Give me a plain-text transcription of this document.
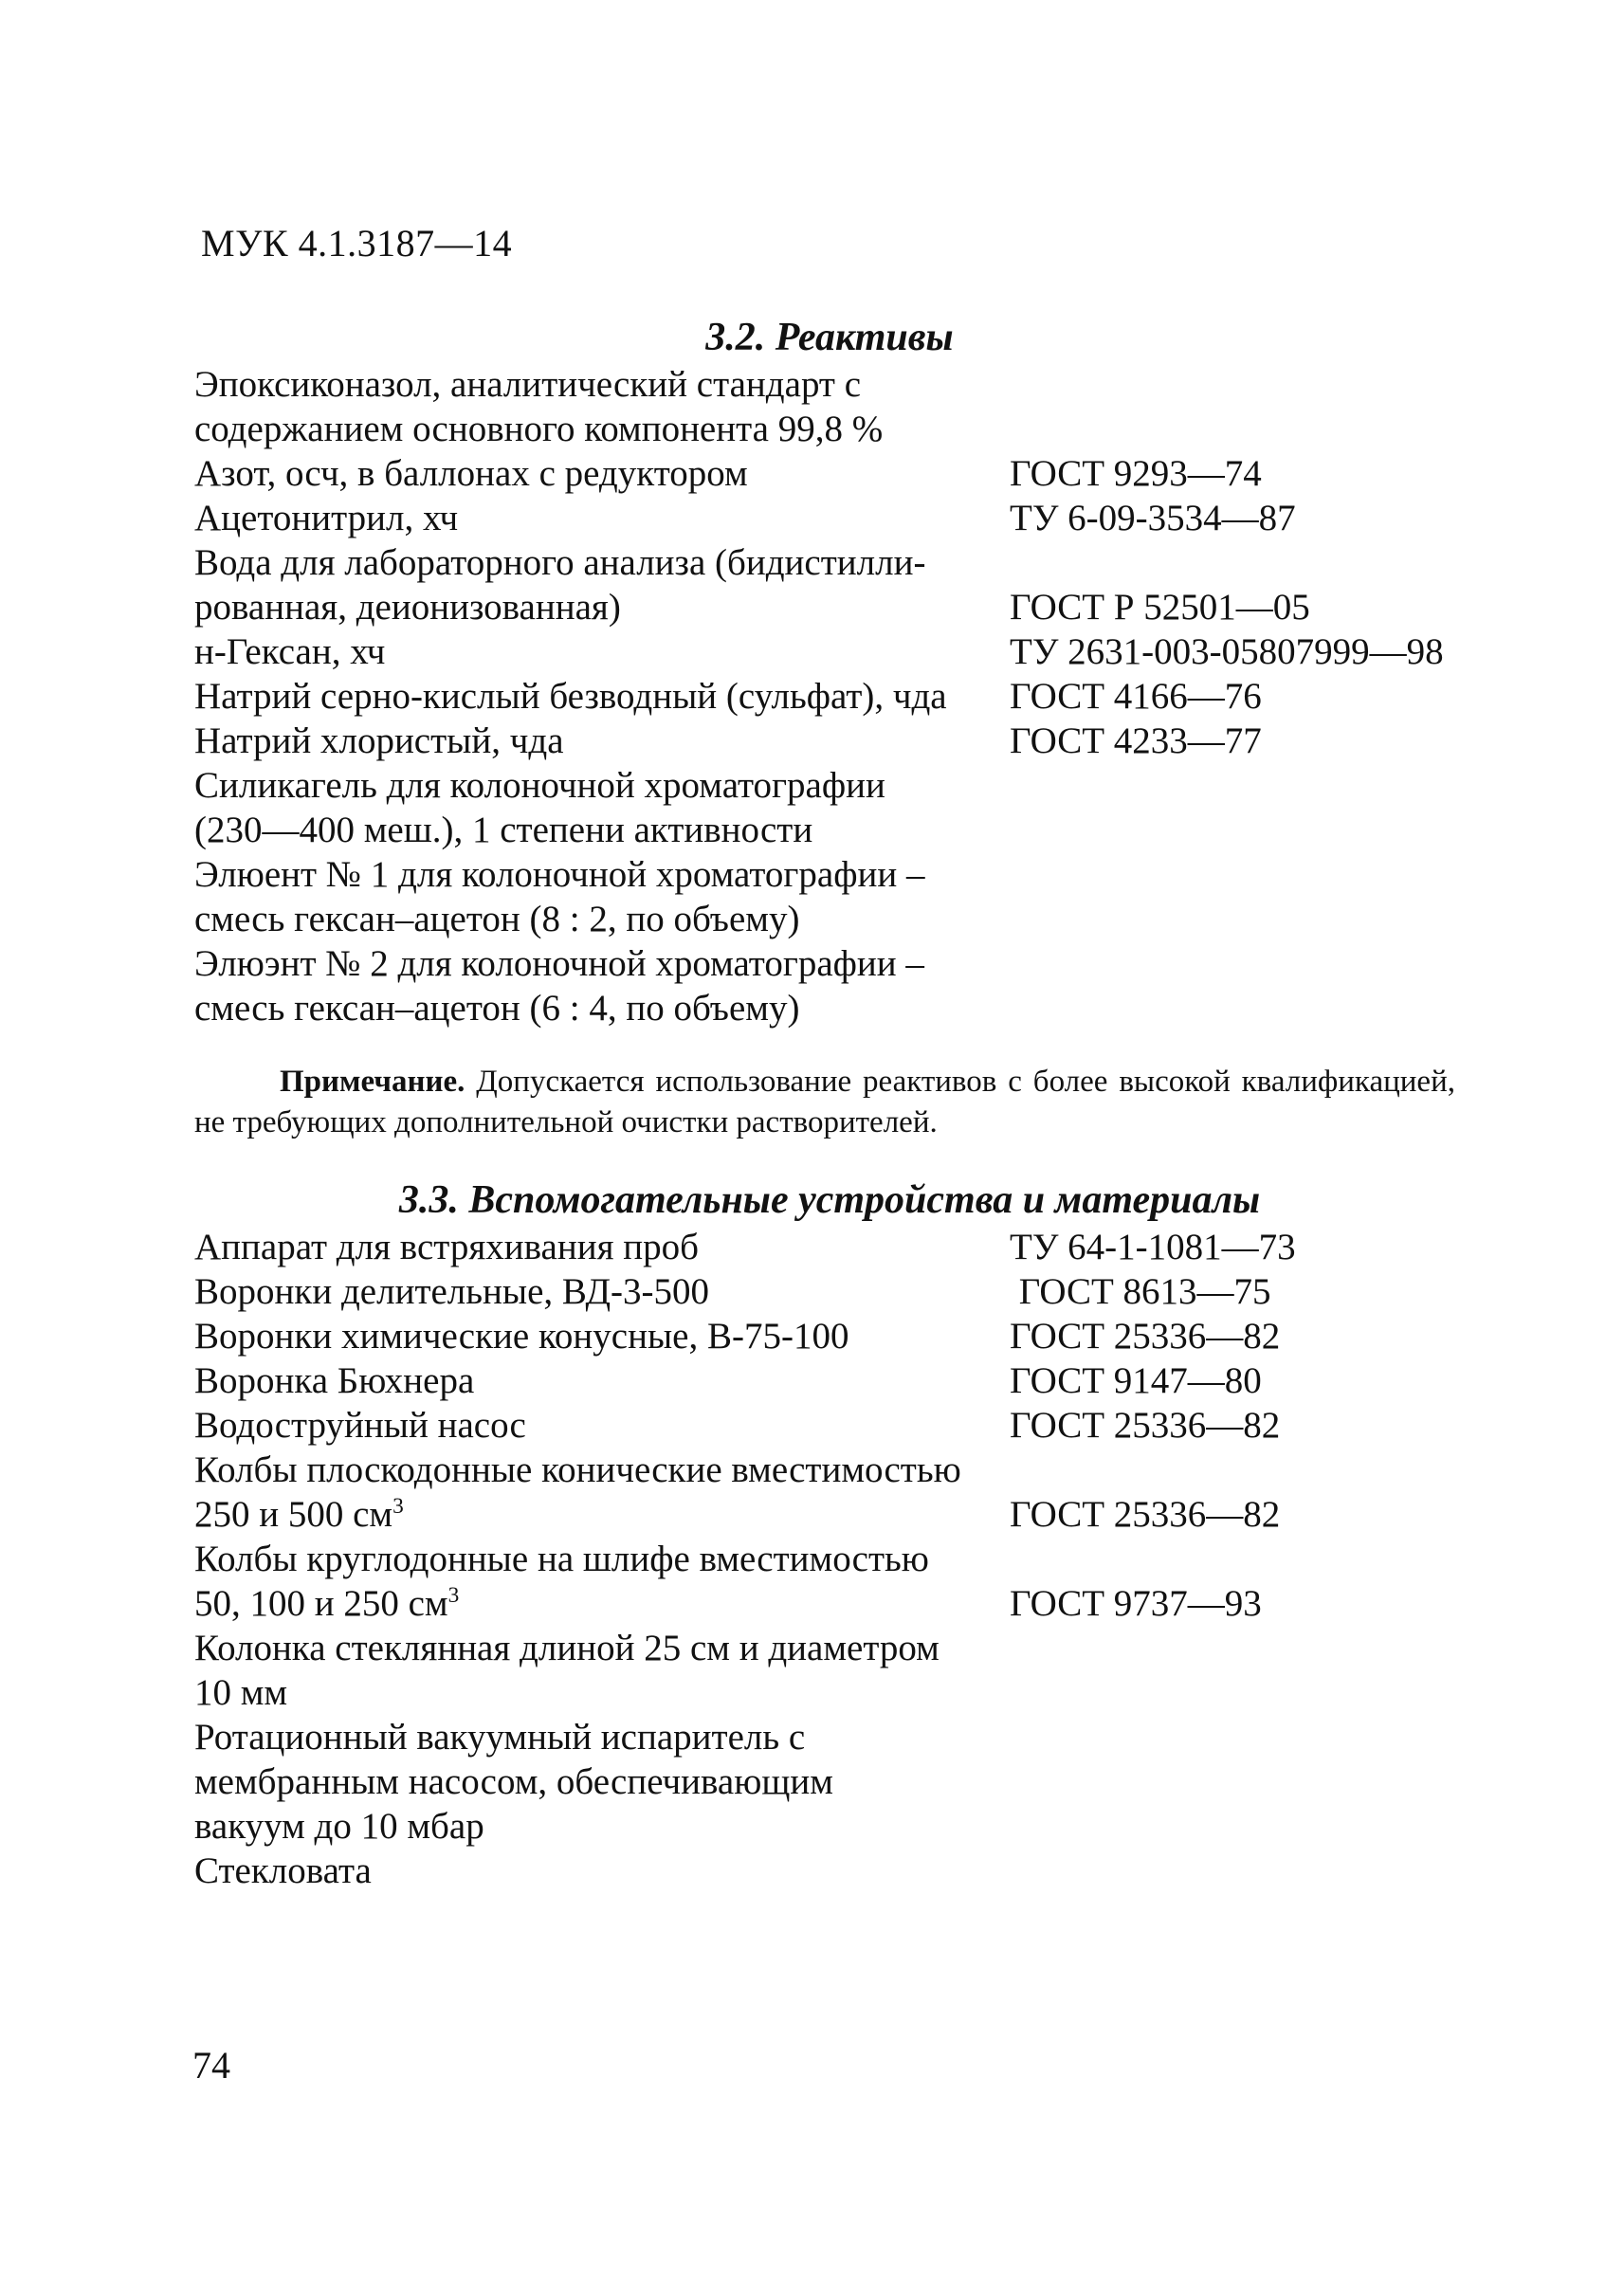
МУК 4.1.3187—14
3.2. Реактивы
Эпоксиконазол, аналитический стандарт с
содержанием основного компонента 99,8 %
Азот, осч, в баллонах с редуктором	ГОСТ 9293—74
Ацетонитрил, хч	ТУ 6-09-3534—87
Вода для лабораторного анализа (бидистилли-
рованная, деионизованная)	ГОСТ Р 52501—05
н-Гексан, хч	ТУ 2631-003-05807999—98
Натрий серно-кислый безводный (сульфат), чда	ГОСТ 4166—76
Натрий хлористый, чда	ГОСТ 4233—77
Силикагель для колоночной хроматографии
(230—400 меш.), 1 степени активности
Элюент № 1 для колоночной хроматографии –
смесь гексан–ацетон (8 : 2, по объему)
Элюэнт № 2 для колоночной хроматографии –
смесь гексан–ацетон (6 : 4, по объему)
Примечание. Допускается использование реактивов с более высокой квалификацией, не требующих дополнительной очистки растворителей.
3.3. Вспомогательные устройства и материалы
Аппарат для встряхивания проб	ТУ 64-1-1081—73
Воронки делительные, ВД-3-500	ГОСТ 8613—75
Воронки химические конусные, В-75-100	ГОСТ 25336—82
Воронка Бюхнера	ГОСТ 9147—80
Водоструйный насос	ГОСТ 25336—82
Колбы плоскодонные конические вместимостью
250 и 500 $см^3$	ГОСТ 25336—82
Колбы круглодонные на шлифе вместимостью
50, 100 и 250 $см^3$	ГОСТ 9737—93
Колонка стеклянная длиной 25 см и диаметром
10 мм
Ротационный вакуумный испаритель с
мембранным насосом, обеспечивающим
вакуум до 10 мбар
Стекловата
74
